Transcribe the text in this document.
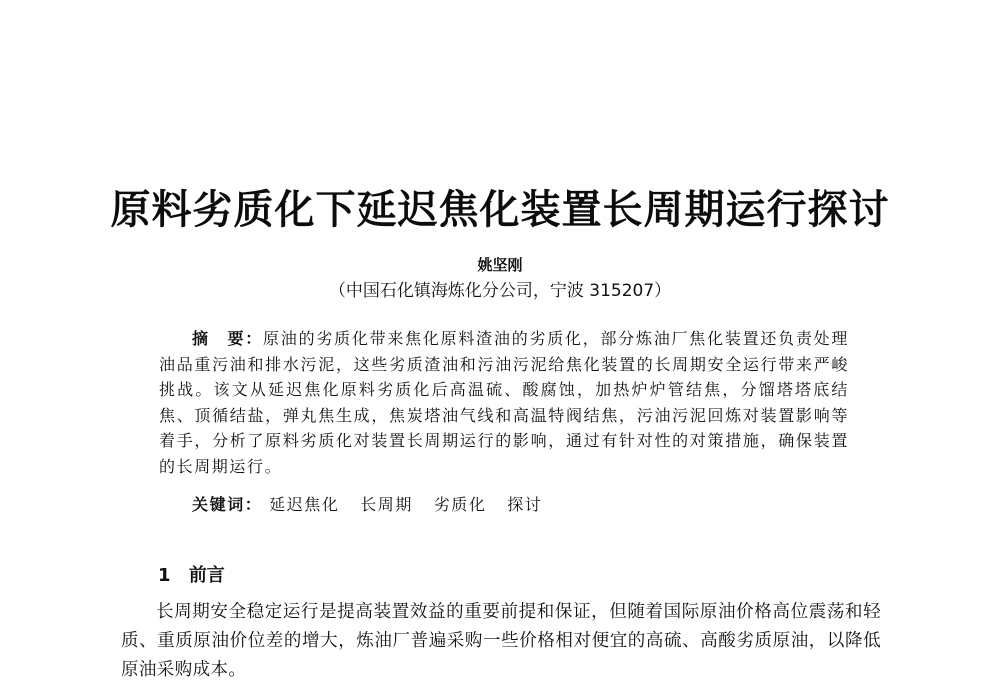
原料劣质化下延迟焦化装置长周期运行探讨
姚坚刚
（中国石化镇海炼化分公司，宁波 315207）
摘　要：原油的劣质化带来焦化原料渣油的劣质化，部分炼油厂焦化装置还负责处理油品重污油和排水污泥，这些劣质渣油和污油污泥给焦化装置的长周期安全运行带来严峻挑战。该文从延迟焦化原料劣质化后高温硫、酸腐蚀，加热炉炉管结焦，分馏塔塔底结焦、顶循结盐，弹丸焦生成，焦炭塔油气线和高温特阀结焦，污油污泥回炼对装置影响等着手，分析了原料劣质化对装置长周期运行的影响，通过有针对性的对策措施，确保装置的长周期运行。
关键词： 延迟焦化 长周期 劣质化 探讨
1 前言
长周期安全稳定运行是提高装置效益的重要前提和保证，但随着国际原油价格高位震荡和轻质、重质原油价位差的增大，炼油厂普遍采购一些价格相对便宜的高硫、高酸劣质原油，以降低原油采购成本。
